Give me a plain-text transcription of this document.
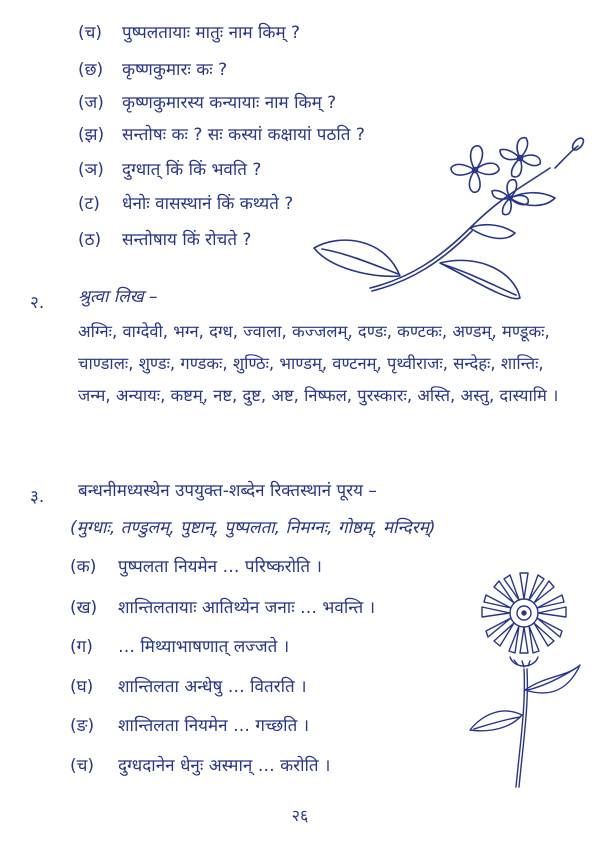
(च) पुष्पलतायाः मातुः नाम किम् ?
(छ) कृष्णकुमारः कः ?
(ज) कृष्णकुमारस्य कन्यायाः नाम किम् ?
(झ) सन्तोषः कः ? सः कस्यां कक्षायां पठति ?
(ञ) दुग्धात् किं किं भवति ?
(ट) धेनोः वासस्थानं किं कथ्यते ?
(ठ) सन्तोषाय किं रोचते ?
२. श्रुत्वा लिख –
अग्निः, वाग्देवी, भग्न, दग्ध, ज्वाला, कज्जलम्, दण्डः, कण्टकः, अण्डम्, मण्डूकः, चाण्डालः, शुण्डः, गण्डकः, शुण्ठिः, भाण्डम्, वण्टनम्, पृथ्वीराजः, सन्देहः, शान्तिः, जन्म, अन्यायः, कष्टम्, नष्ट, दुष्ट, अष्ट, निष्फल, पुरस्कारः, अस्ति, अस्तु, दास्यामि ।
३. बन्धनीमध्यस्थेन उपयुक्त-शब्देन रिक्तस्थानं पूरय –
(मुग्धाः, तण्डुलम्, पुष्टान्, पुष्पलता, निमग्नः, गोष्ठम्, मन्दिरम्)
(क) पुष्पलता नियमेन … परिष्करोति ।
(ख) शान्तिलतायाः आतिथ्येन जनाः … भवन्ति ।
(ग) … मिथ्याभाषणात् लज्जते ।
(घ) शान्तिलता अन्धेषु … वितरति ।
(ङ) शान्तिलता नियमेन … गच्छति ।
(च) दुग्धदानेन धेनुः अस्मान् … करोति ।
२६
